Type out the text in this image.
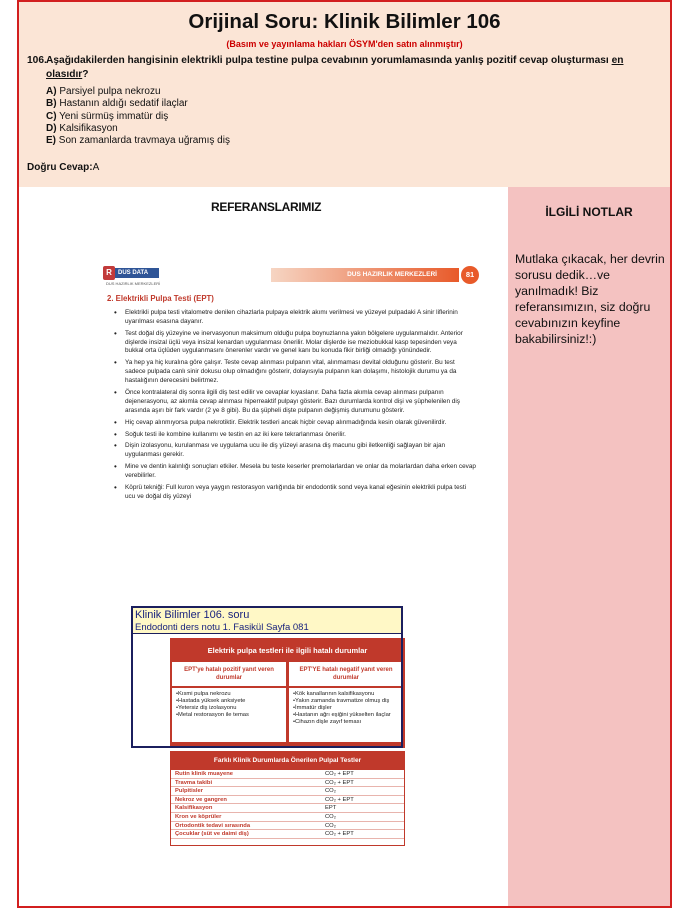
Orijinal Soru: Klinik Bilimler 106
(Basım ve yayınlama hakları ÖSYM'den satın alınmıştır)
106.Aşağıdakilerden hangisinin elektrikli pulpa testine pulpa cevabının yorumlamasında yanlış pozitif cevap oluşturması en
olasıdır?
A) Parsiyel pulpa nekrozu
B) Hastanın aldığı sedatif ilaçlar
C) Yeni sürmüş immatür diş
D) Kalsifikasyon
E) Son zamanlarda travmaya uğramış diş
Doğru Cevap:A
REFERANSLARIMIZ
R	DUS DATA
DUS HAZIRLIK MERKEZLERİ
DUS HAZIRLIK MERKEZLERİ	81
2. Elektrikli Pulpa Testi (EPT)
• Elektrikli pulpa testi vitalometre denilen cihazlarla pulpaya elektrik akımı verilmesi ve yüzeyel pulpadaki A sinir liflerinin uyarılması esasına dayanır.
• Test doğal diş yüzeyine ve inervasyonun maksimum olduğu pulpa boynuzlarına yakın bölgelere uygulanmalıdır. Anterior dişlerde insizal üçlü veya insizal kenardan uygulanması önerilir. Molar dişlerde ise meziobukkal kasp tepesinden veya bukkal orta üçlüden uygulanmasını önerenler vardır ve genel kanı bu konuda fikir birliği olmadığı yönündedir.
• Ya hep ya hiç kuralına göre çalışır. Teste cevap alınması pulpanın vital, alınmaması devital olduğunu gösterir. Bu test sadece pulpada canlı sinir dokusu olup olmadığını gösterir, dolayısıyla pulpanın kan dolaşımı, histolojik durumu ya da hastalığının derecesini belirtmez.
• Önce kontralateral diş sonra ilgili diş test edilir ve cevaplar kıyaslanır. Daha fazla akımla cevap alınması pulpanın dejenerasyonu, az akımla cevap alınması hiperreaktif pulpayı gösterir. Bazı durumlarda kontrol dişi ve şüphelenilen diş arasında aşırı bir fark vardır (2 ye 8 gibi). Bu da şüpheli dişte pulpanın değişmiş durumunu gösterir.
• Hiç cevap alınmıyorsa pulpa nekrotiktir. Elektrik testleri ancak hiçbir cevap alınmadığında kesin olarak güvenilirdir.
• Soğuk testi ile kombine kullanımı ve testin en az iki kere tekrarlanması önerilir.
• Dişin izolasyonu, kurulanması ve uygulama ucu ile diş yüzeyi arasına diş macunu gibi iletkenliği sağlayan bir ajan uygulanması gerekir.
• Mine ve dentin kalınlığı sonuçları etkiler. Mesela bu teste keserler premolarlardan ve onlar da molarlardan daha erken cevap verebilirler.
• Köprü tekniği: Full kuron veya yaygın restorasyon varlığında bir endodontik sond veya kanal eğesinin elektrikli pulpa testi ucu ve doğal diş yüzeyi
Elektrik pulpa testleri ile ilgili hatalı durumlar
EPT'ye hatalı pozitif yanıt veren durumlar
EPT'YE hatalı negatif yanıt veren durumlar
• Kısmi pulpa nekrozu
• Hastada yüksek anksiyete
• Yetersiz diş izolasyonu
• Metal restorasyon ile temas
• Kök kanallarının kalsifikasyonu
• Yakın zamanda travmatize olmuş diş
• İmmatür dişler
• Hastanın ağrı eşiğini yükselten ilaçlar
• Cihazın dişle zayıf teması
Farklı Klinik Durumlarda Önerilen Pulpal Testler
Rutin klinik muayene	CO₂ + EPT
Travma takibi	CO₂ + EPT
Pulpitisler	CO₂
Nekroz ve gangren	CO₂ + EPT
Kalsifikasyon	EPT
Kron ve köprüler	CO₂
Ortodontik tedavi sırasında	CO₂
Çocuklar (süt ve daimi diş)	CO₂ + EPT
İLGİLİ NOTLAR
Mutlaka çıkacak, her devrin sorusu dedik…ve yanılmadık! Biz referansımızın, siz doğru cevabınızın keyfine bakabilirsiniz!:)
Klinik Bilimler 106. soru
Endodonti ders notu 1. Fasikül Sayfa 081
